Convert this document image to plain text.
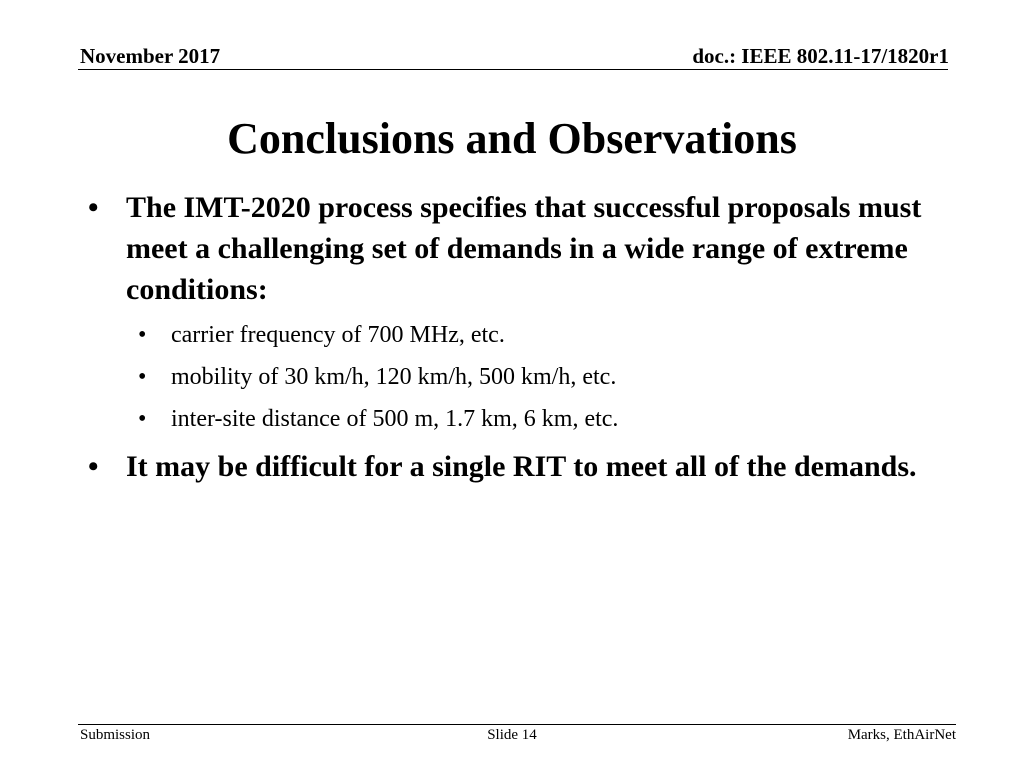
November 2017	doc.: IEEE 802.11-17/1820r1
Conclusions and Observations
• The IMT-2020 process specifies that successful proposals must meet a challenging set of demands in a wide range of extreme conditions:
• carrier frequency of 700 MHz, etc.
• mobility of 30 km/h, 120 km/h, 500 km/h, etc.
• inter-site distance of 500 m, 1.7 km, 6 km, etc.
• It may be difficult for a single RIT to meet all of the demands.
Submission	Slide 14	Marks, EthAirNet
